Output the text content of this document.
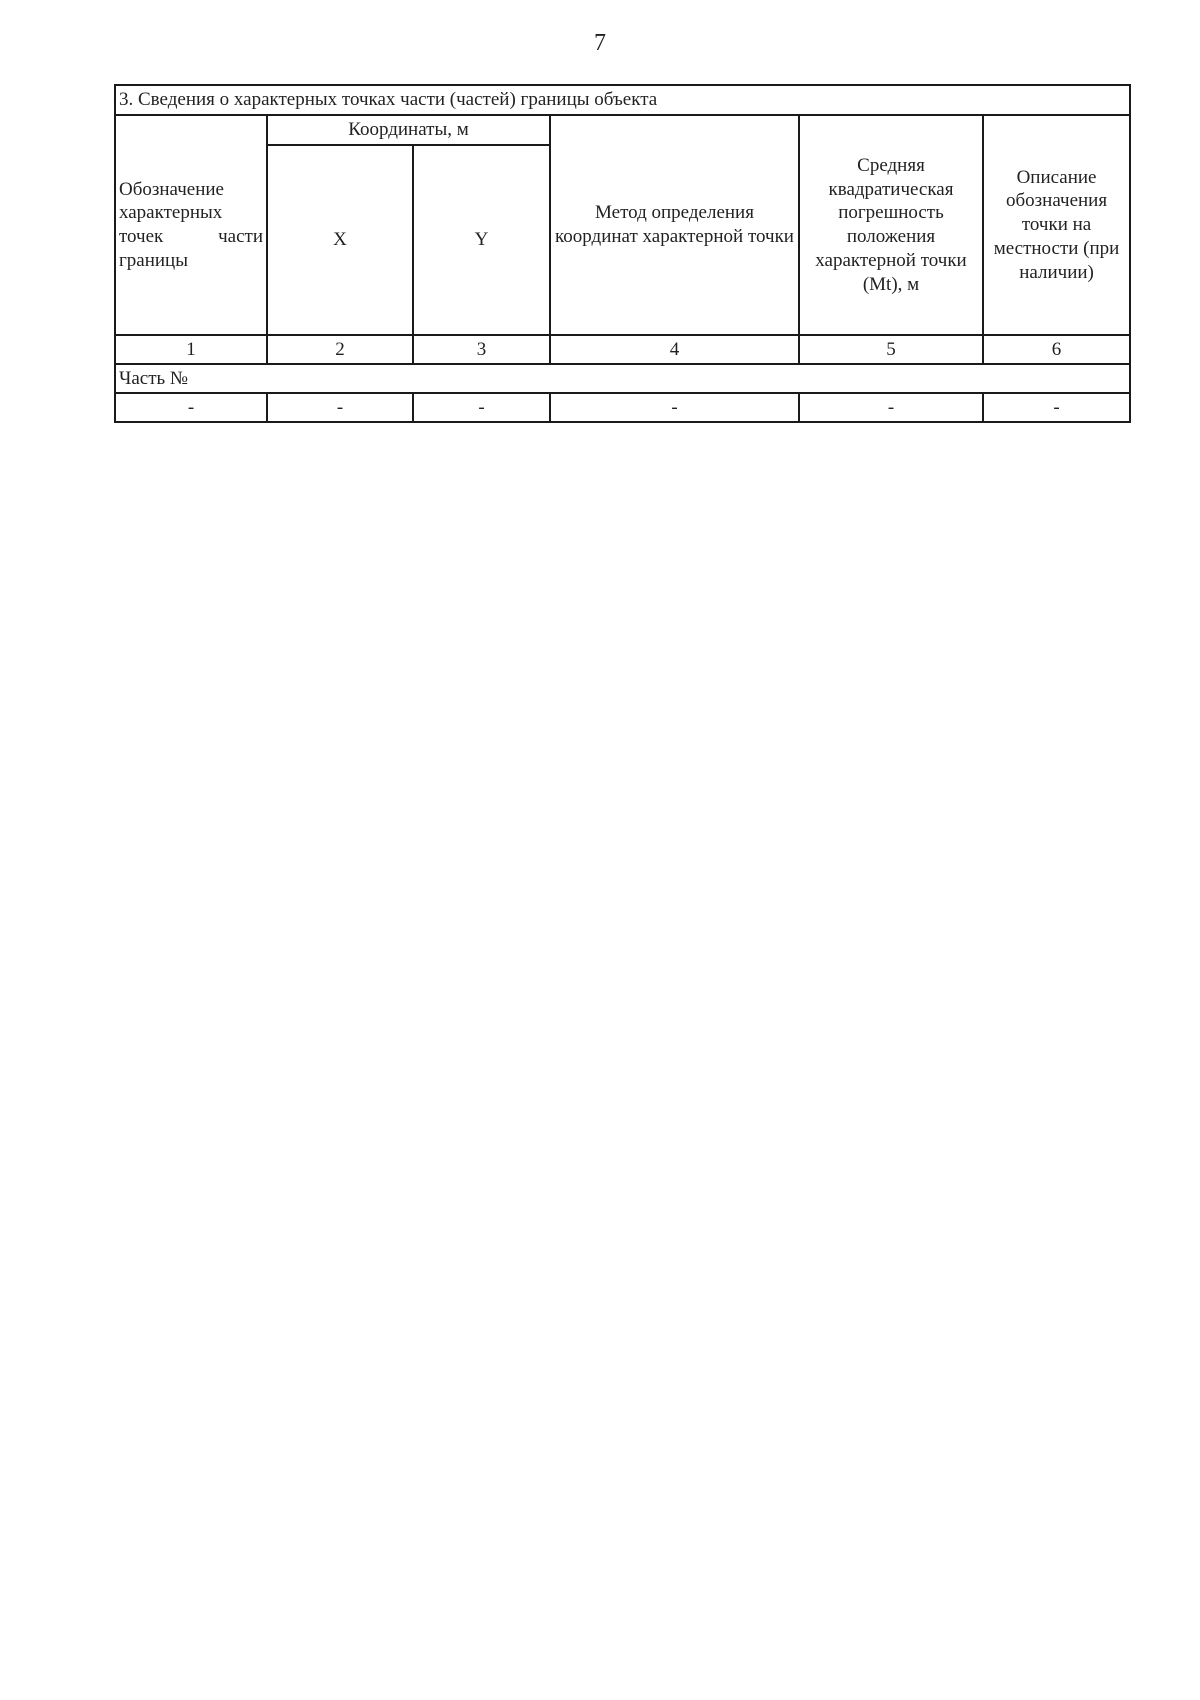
7
3. Сведения о характерных точках части (частей) границы объекта					
Обозначение характерных точек части границы	Координаты, м		Метод определения координат характерной точки	Средняя квадратическая погрешность положения характерной точки (Mt), м	Описание обозначения точки на местности (при наличии)
	X	Y			
1	2	3	4	5	6
Часть №					
-	-	-	-	-	-
